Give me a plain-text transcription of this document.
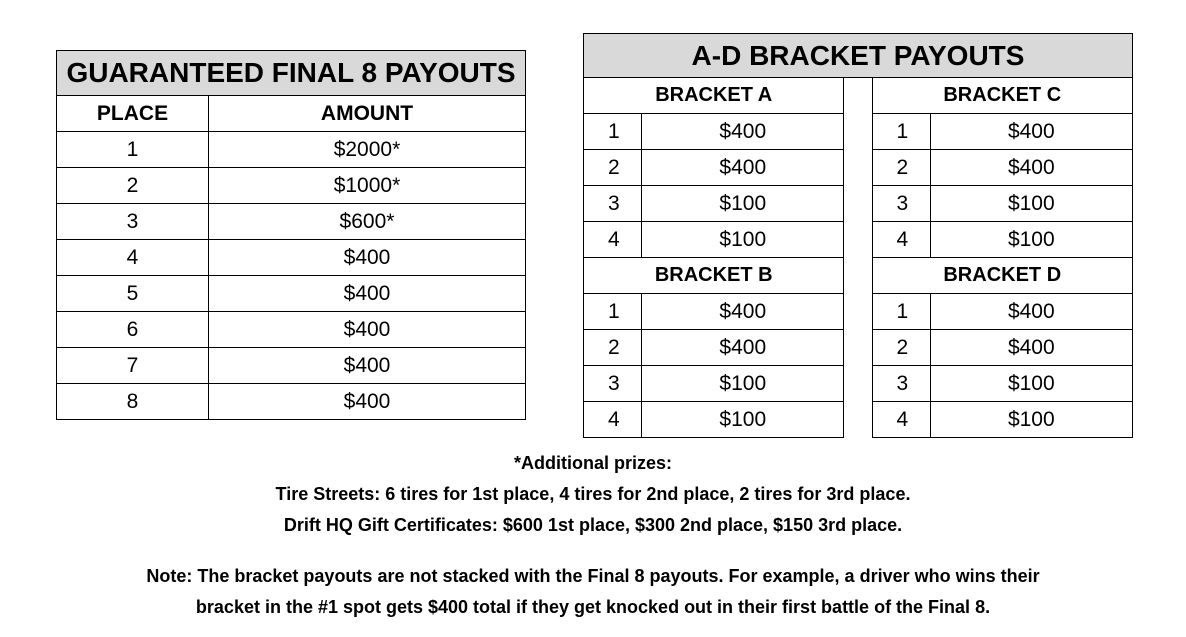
GUARANTEED FINAL 8 PAYOUTS	
PLACE	AMOUNT
1	$2000*
2	$1000*
3	$600*
4	$400
5	$400
6	$400
7	$400
8	$400
A-D BRACKET PAYOUTS				
BRACKET A			BRACKET C	
1	$400		1	$400
2	$400		2	$400
3	$100		3	$100
4	$100		4	$100
BRACKET B			BRACKET D	
1	$400		1	$400
2	$400		2	$400
3	$100		3	$100
4	$100		4	$100
*Additional prizes:
Tire Streets: 6 tires for 1st place, 4 tires for 2nd place, 2 tires for 3rd place.
Drift HQ Gift Certificates: $600 1st place, $300 2nd place, $150 3rd place.
Note: The bracket payouts are not stacked with the Final 8 payouts. For example, a driver who wins their
bracket in the #1 spot gets $400 total if they get knocked out in their first battle of the Final 8.
